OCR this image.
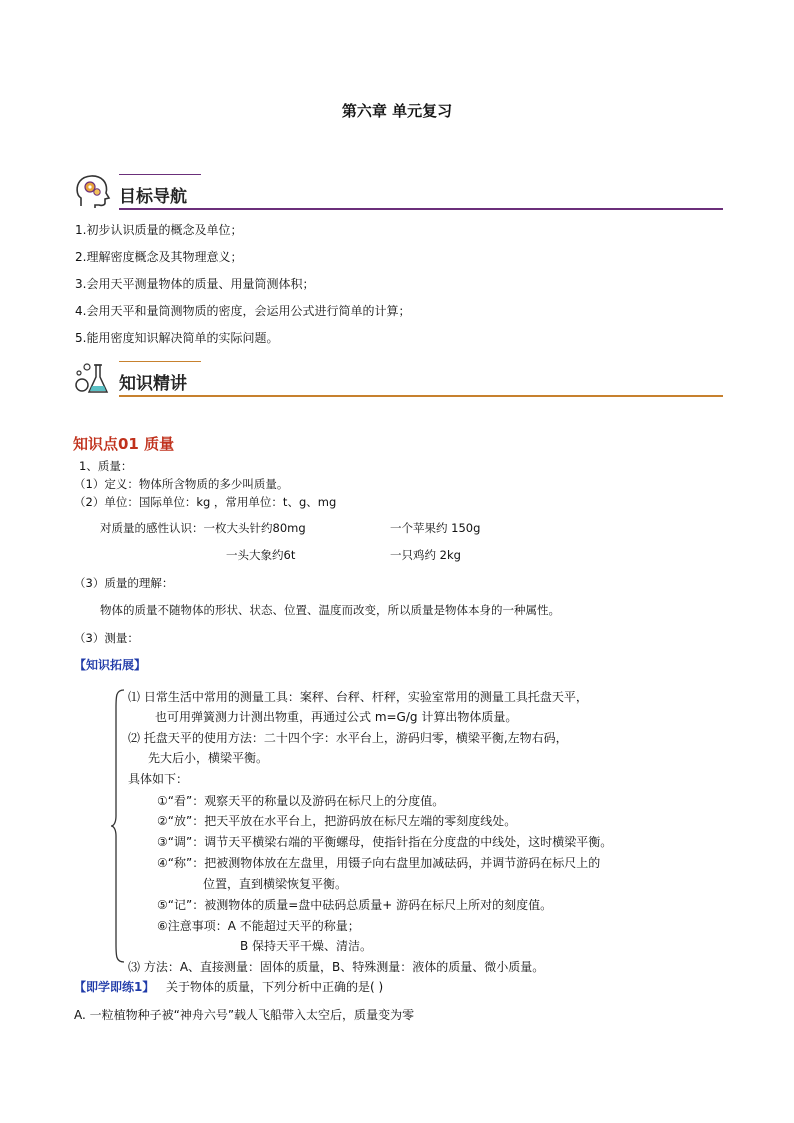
第六章 单元复习
目标导航
1.初步认识质量的概念及单位；
2.理解密度概念及其物理意义；
3.会用天平测量物体的质量、用量筒测体积；
4.会用天平和量筒测物质的密度，会运用公式进行简单的计算；
5.能用密度知识解决简单的实际问题。
知识精讲
知识点01 质量
1、质量：
（1）定义：物体所含物质的多少叫质量。
（2）单位：国际单位：kg ，常用单位：t、g、mg
对质量的感性认识：一枚大头针约80mg	一个苹果约 150g
一头大象约6t	一只鸡约 2kg
（3）质量的理解：
物体的质量不随物体的形状、状态、位置、温度而改变，所以质量是物体本身的一种属性。
（3）测量：
【知识拓展】
⑴ 日常生活中常用的测量工具：案秤、台秤、杆秤，实验室常用的测量工具托盘天平，
也可用弹簧测力计测出物重，再通过公式 m=G/g 计算出物体质量。
⑵ 托盘天平的使用方法：二十四个字：水平台上，游码归零，横梁平衡,左物右码，
先大后小，横梁平衡。
具体如下：
①“看”：观察天平的称量以及游码在标尺上的分度值。
②“放”：把天平放在水平台上，把游码放在标尺左端的零刻度线处。
③“调”：调节天平横梁右端的平衡螺母，使指针指在分度盘的中线处，这时横梁平衡。
④“称”：把被测物体放在左盘里，用镊子向右盘里加减砝码，并调节游码在标尺上的
位置，直到横梁恢复平衡。
⑤“记”：被测物体的质量=盘中砝码总质量+ 游码在标尺上所对的刻度值。
⑥注意事项：A 不能超过天平的称量；
B 保持天平干燥、清洁。
⑶ 方法：A、直接测量：固体的质量，B、特殊测量：液体的质量、微小质量。
【即学即练1】 关于物体的质量，下列分析中正确的是( )
A. 一粒植物种子被“神舟六号”载人飞船带入太空后，质量变为零
